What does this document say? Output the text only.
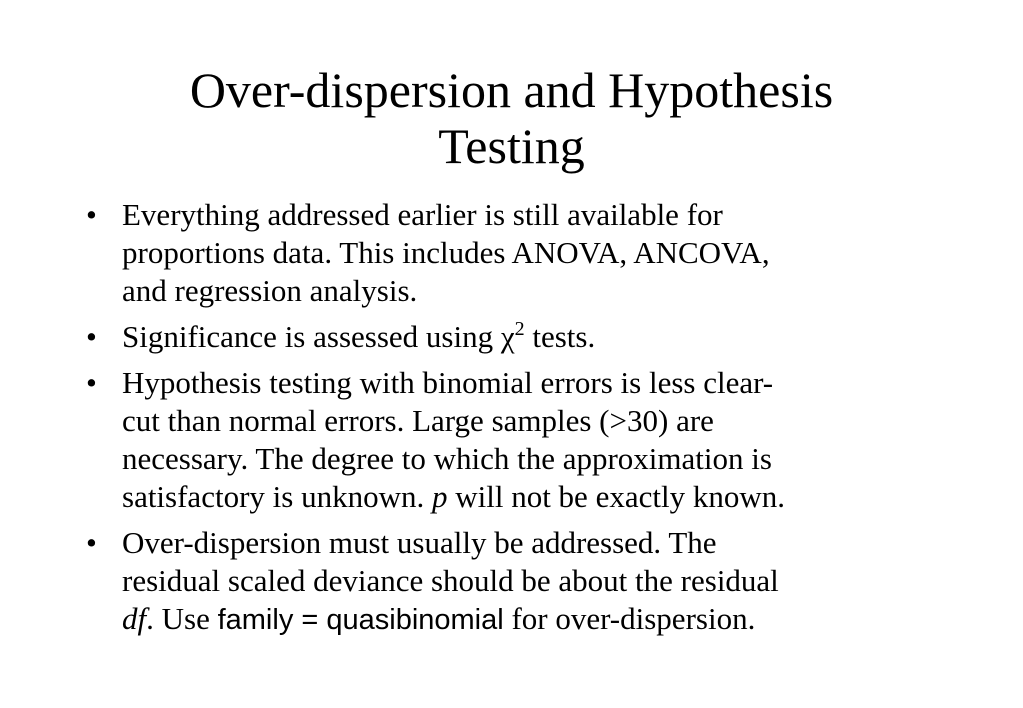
Over-dispersion and Hypothesis
Testing
• Everything addressed earlier is still available for
proportions data. This includes ANOVA, ANCOVA,
and regression analysis.
• Significance is assessed using $\chi^2$ tests.
• Hypothesis testing with binomial errors is less clear-
cut than normal errors. Large samples (>30) are
necessary. The degree to which the approximation is
satisfactory is unknown. p will not be exactly known.
• Over-dispersion must usually be addressed. The
residual scaled deviance should be about the residual
df. Use family = quasibinomial for over-dispersion.
